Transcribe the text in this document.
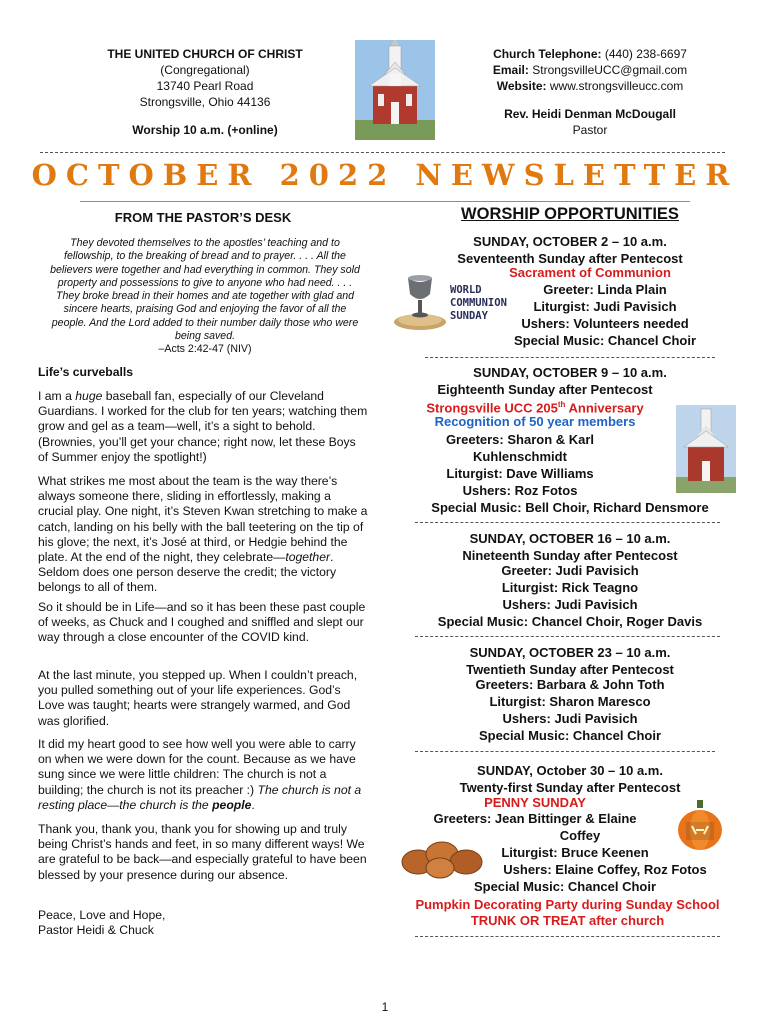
THE UNITED CHURCH OF CHRIST
(Congregational)
13740 Pearl Road
Strongsville, Ohio 44136
Worship 10 a.m. (+online)
Church Telephone: (440) 238-6697
Email: StrongsvilleUCC@gmail.com
Website: www.strongsvilleucc.com
Rev. Heidi Denman McDougall
Pastor
OCTOBER 2022 NEWSLETTER
FROM THE PASTOR’S DESK
They devoted themselves to the apostles’ teaching and to fellowship, to the breaking of bread and to prayer. . . . All the believers were together and had everything in common. They sold property and possessions to give to anyone who had need. . . . They broke bread in their homes and ate together with glad and sincere hearts, praising God and enjoying the favor of all the people. And the Lord added to their number daily those who were being saved.
–Acts 2:42-47 (NIV)
Life’s curveballs

I am a huge baseball fan, especially of our Cleveland Guardians. I worked for the club for ten years; watching them grow and gel as a team—well, it’s a sight to behold. (Brownies, you’ll get your chance; right now, let these Boys of Summer enjoy the spotlight!)

What strikes me most about the team is the way there’s always someone there, sliding in effortlessly, making a crucial play. One night, it’s Steven Kwan stretching to make a catch, landing on his belly with the ball teetering on the tip of his glove; the next, it’s José at third, or Hedgie behind the plate. At the end of the night, they celebrate—together. Seldom does one person deserve the credit; the victory belongs to all of them.

So it should be in Life—and so it has been these past couple of weeks, as Chuck and I coughed and sniffled and slept our way through a close encounter of the COVID kind.
At the last minute, you stepped up. When I couldn’t preach, you pulled something out of your life experiences. God’s Love was taught; hearts were strangely warmed, and God was glorified.

It did my heart good to see how well you were able to carry on when we were down for the count. Because as we have sung since we were little children: The church is not a building; the church is not its preacher :) The church is not a resting place—the church is the people.

Thank you, thank you, thank you for showing up and truly being Christ’s hands and feet, in so many different ways! We are grateful to be back—and especially grateful to have been blessed by your presence during our absence.
Peace, Love and Hope,
Pastor Heidi & Chuck
WORSHIP OPPORTUNITIES
SUNDAY, OCTOBER 2 – 10 a.m.
Seventeenth Sunday after Pentecost
Sacrament of Communion
Greeter: Linda Plain
Liturgist: Judi Pavisich
Ushers: Volunteers needed
Special Music: Chancel Choir
WORLD
COMMUNION
SUNDAY
SUNDAY, OCTOBER 9 – 10 a.m.
Eighteenth Sunday after Pentecost
Strongsville UCC 205th Anniversary
Recognition of 50 year members
Greeters: Sharon & Karl Kuhlenschmidt
Liturgist: Dave Williams
Ushers: Roz Fotos
Special Music: Bell Choir, Richard Densmore
SUNDAY, OCTOBER 16 – 10 a.m.
Nineteenth Sunday after Pentecost
Greeter: Judi Pavisich
Liturgist: Rick Teagno
Ushers: Judi Pavisich
Special Music: Chancel Choir, Roger Davis
SUNDAY, OCTOBER 23 – 10 a.m.
Twentieth Sunday after Pentecost
Greeters: Barbara & John Toth
Liturgist: Sharon Maresco
Ushers: Judi Pavisich
Special Music: Chancel Choir
SUNDAY, October 30 – 10 a.m.
Twenty-first Sunday after Pentecost
PENNY SUNDAY
Greeters: Jean Bittinger & Elaine
Coffey
Liturgist: Bruce Keenen
Ushers: Elaine Coffey, Roz Fotos
Special Music: Chancel Choir
Pumpkin Decorating Party during Sunday School
TRUNK OR TREAT after church
1
